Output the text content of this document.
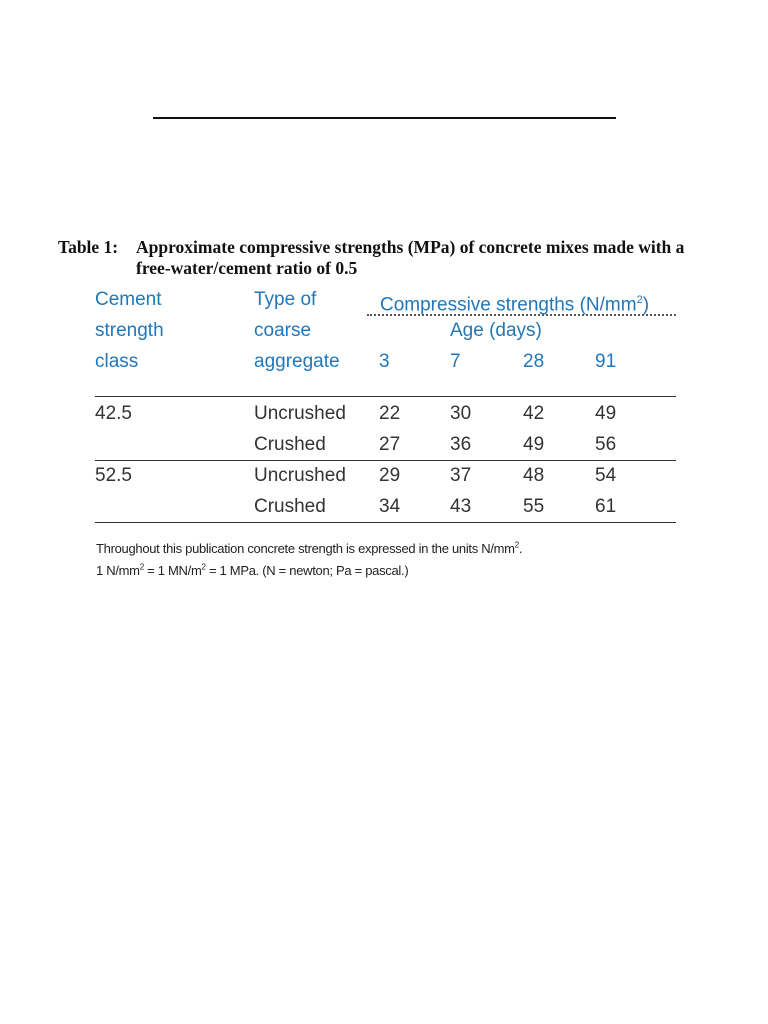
Table 1: Approximate compressive strengths (MPa) of concrete mixes made with a
free-water/cement ratio of 0.5
Cement
strength
class
Type of
coarse
aggregate
Compressive strengths $(N/mm^2)$
Age (days)
3	7	28	91
42.5	Uncrushed 22	30	42	49
Crushed	27	36	49	56
52.5	Uncrushed 29	37	48	54
Crushed	34	43	55	61
Throughout this publication concrete strength is expressed in the units $N/mm^2$.
1 $N/mm^2 = 1$ $MN/m^2 = 1$ MPa. (N = newton; Pa = pascal.)
